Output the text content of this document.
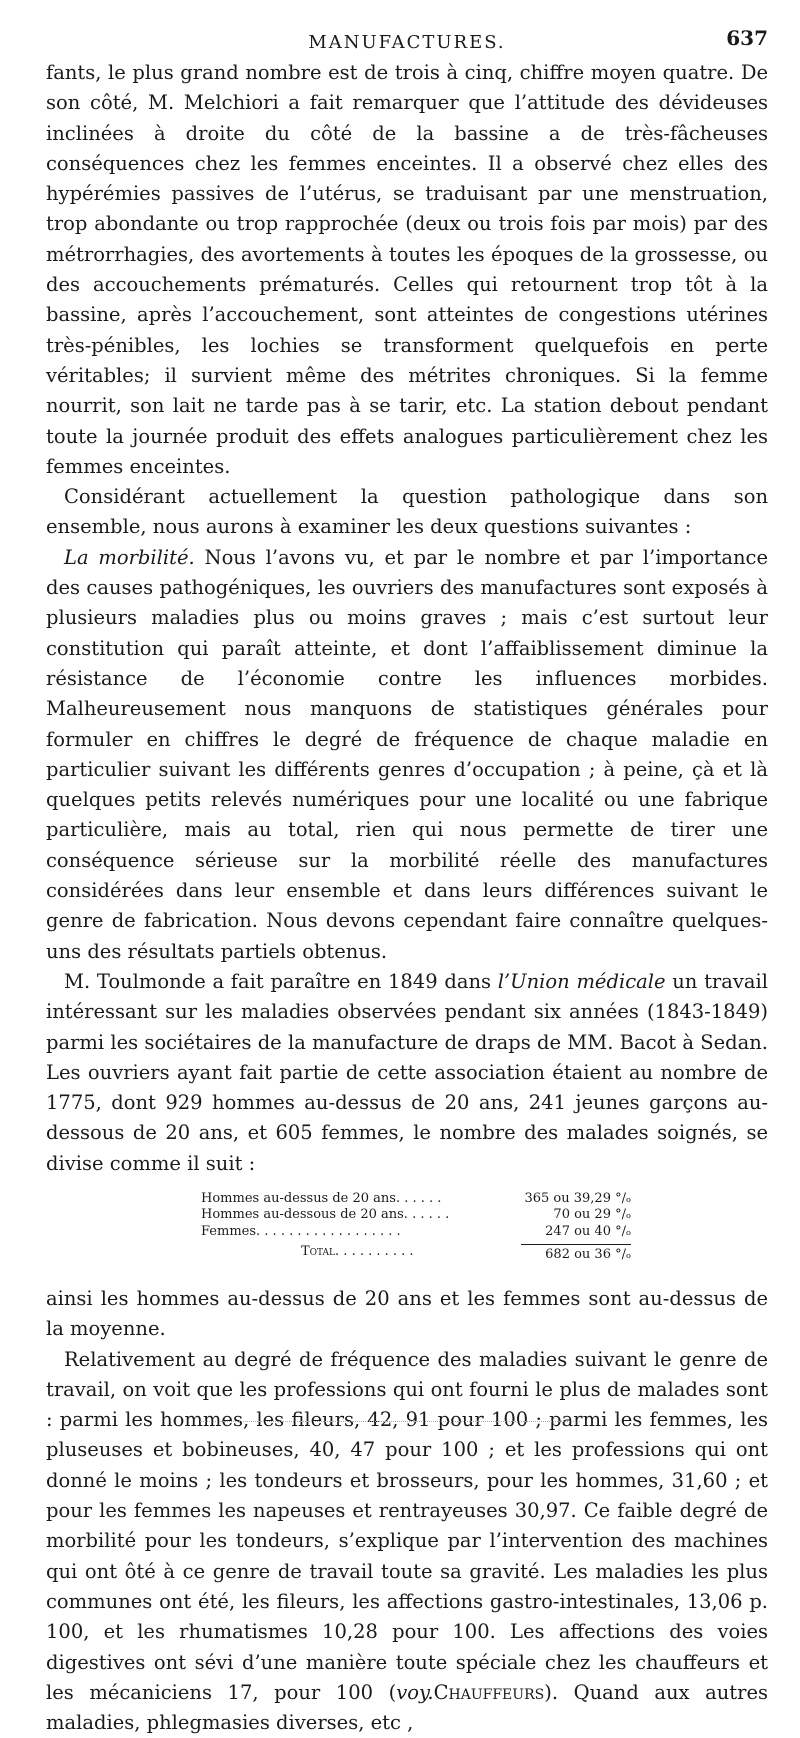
MANUFACTURES.	637

fants, le plus grand nombre est de trois à cinq, chiffre moyen quatre. De son côté, M. Melchiori a fait remarquer que l’attitude des dévideuses inclinées à droite du côté de la bassine a de très-fâcheuses conséquences chez les femmes enceintes. Il a observé chez elles des hypérémies passives de l’utérus, se traduisant par une menstruation, trop abondante ou trop rapprochée (deux ou trois fois par mois) par des métrorrhagies, des avortements à toutes les époques de la grossesse, ou des accouchements prématurés. Celles qui retournent trop tôt à la bassine, après l’accouchement, sont atteintes de congestions utérines très-pénibles, les lochies se transforment quelquefois en perte véritables; il survient même des métrites chroniques. Si la femme nourrit, son lait ne tarde pas à se tarir, etc. La station debout pendant toute la journée produit des effets analogues particulièrement chez les femmes enceintes.

Considérant actuellement la question pathologique dans son ensemble, nous aurons à examiner les deux questions suivantes :

La morbilité. Nous l’avons vu, et par le nombre et par l’importance des causes pathogéniques, les ouvriers des manufactures sont exposés à plusieurs maladies plus ou moins graves ; mais c’est surtout leur constitution qui paraît atteinte, et dont l’affaiblissement diminue la résistance de l’économie contre les influences morbides. Malheureusement nous manquons de statistiques générales pour formuler en chiffres le degré de fréquence de chaque maladie en particulier suivant les différents genres d’occupation ; à peine, çà et là quelques petits relevés numériques pour une localité ou une fabrique particulière, mais au total, rien qui nous permette de tirer une conséquence sérieuse sur la morbilité réelle des manufactures considérées dans leur ensemble et dans leurs différences suivant le genre de fabrication. Nous devons cependant faire connaître quelques-uns des résultats partiels obtenus.

M. Toulmonde a fait paraître en 1849 dans l’Union médicale un travail intéressant sur les maladies observées pendant six années (1843-1849) parmi les sociétaires de la manufacture de draps de MM. Bacot à Sedan. Les ouvriers ayant fait partie de cette association étaient au nombre de 1775, dont 929 hommes au-dessus de 20 ans, 241 jeunes garçons au-dessous de 20 ans, et 605 femmes, le nombre des malades soignés, se divise comme il suit :

Hommes au-dessus de 20 ans. . . . . .	365 ou 39,29 °/ₒ
Hommes au-dessous de 20 ans. . . . . .	70 ou 29 °/ₒ
Femmes. . . . . . . . . . . . . . . . . .	247 ou 40 °/ₒ
Total. . . . . . . . . .	682 ou 36 °/ₒ

ainsi les hommes au-dessus de 20 ans et les femmes sont au-dessus de la moyenne.

Relativement au degré de fréquence des maladies suivant le genre de travail, on voit que les professions qui ont fourni le plus de malades sont : parmi les hommes, les fileurs, 42, 91 pour 100 ; parmi les femmes, les pluseuses et bobineuses, 40, 47 pour 100 ; et les professions qui ont donné le moins ; les tondeurs et brosseurs, pour les hommes, 31,60 ; et pour les femmes les napeuses et rentrayeuses 30,97. Ce faible degré de morbilité pour les tondeurs, s’explique par l’intervention des machines qui ont ôté à ce genre de travail toute sa gravité. Les maladies les plus communes ont été, les fileurs, les affections gastro-intestinales, 13,06 p. 100, et les rhumatismes 10,28 pour 100. Les affections des voies digestives ont sévi d’une manière toute spéciale chez les chauffeurs et les mécaniciens 17, pour 100 (voy.Chauffeurs). Quand aux autres maladies, phlegmasies diverses, etc ,
